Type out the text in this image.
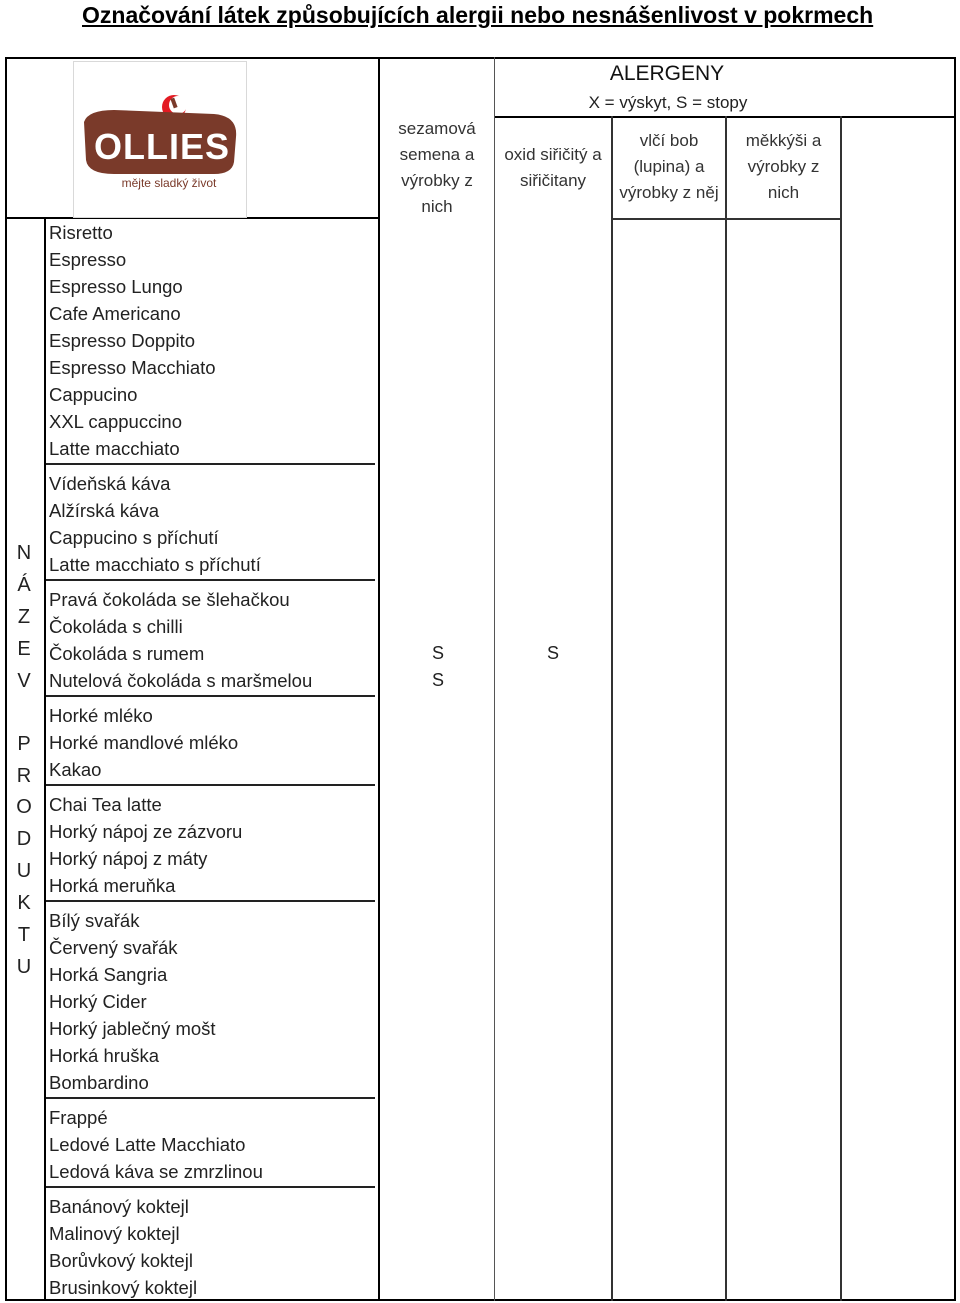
Označování látek způsobujících alergii nebo nesnášenlivost v pokrmech
OLLIES
mějte sladký život
ALERGENY
X = výskyt, S = stopy
sezamová
semena a
výrobky z
nich
oxid siřičitý a
siřičitany
vlčí bob
(lupina) a
výrobky z něj
měkkýši a
výrobky z
nich
N
Á
Z
E
V
P
R
O
D
U
K
T
U
Risretto
Espresso
Espresso Lungo
Cafe Americano
Espresso Doppito
Espresso Macchiato
Cappucino
XXL cappuccino
Latte macchiato
Vídeňská káva
Alžírská káva
Cappucino s příchutí
Latte macchiato s příchutí
Pravá čokoláda se šlehačkou
Čokoláda s chilli
Čokoláda s rumem
Nutelová čokoláda s maršmelou
Horké mléko
Horké mandlové mléko
Kakao
Chai Tea latte
Horký nápoj ze zázvoru
Horký nápoj z máty
Horká meruňka
Bílý svařák
Červený svařák
Horká Sangria
Horký Cider
Horký jablečný mošt
Horká hruška
Bombardino
Frappé
Ledové Latte Macchiato
Ledová káva se zmrzlinou
Banánový koktejl
Malinový koktejl
Borůvkový koktejl
Brusinkový koktejl
S	S
S
